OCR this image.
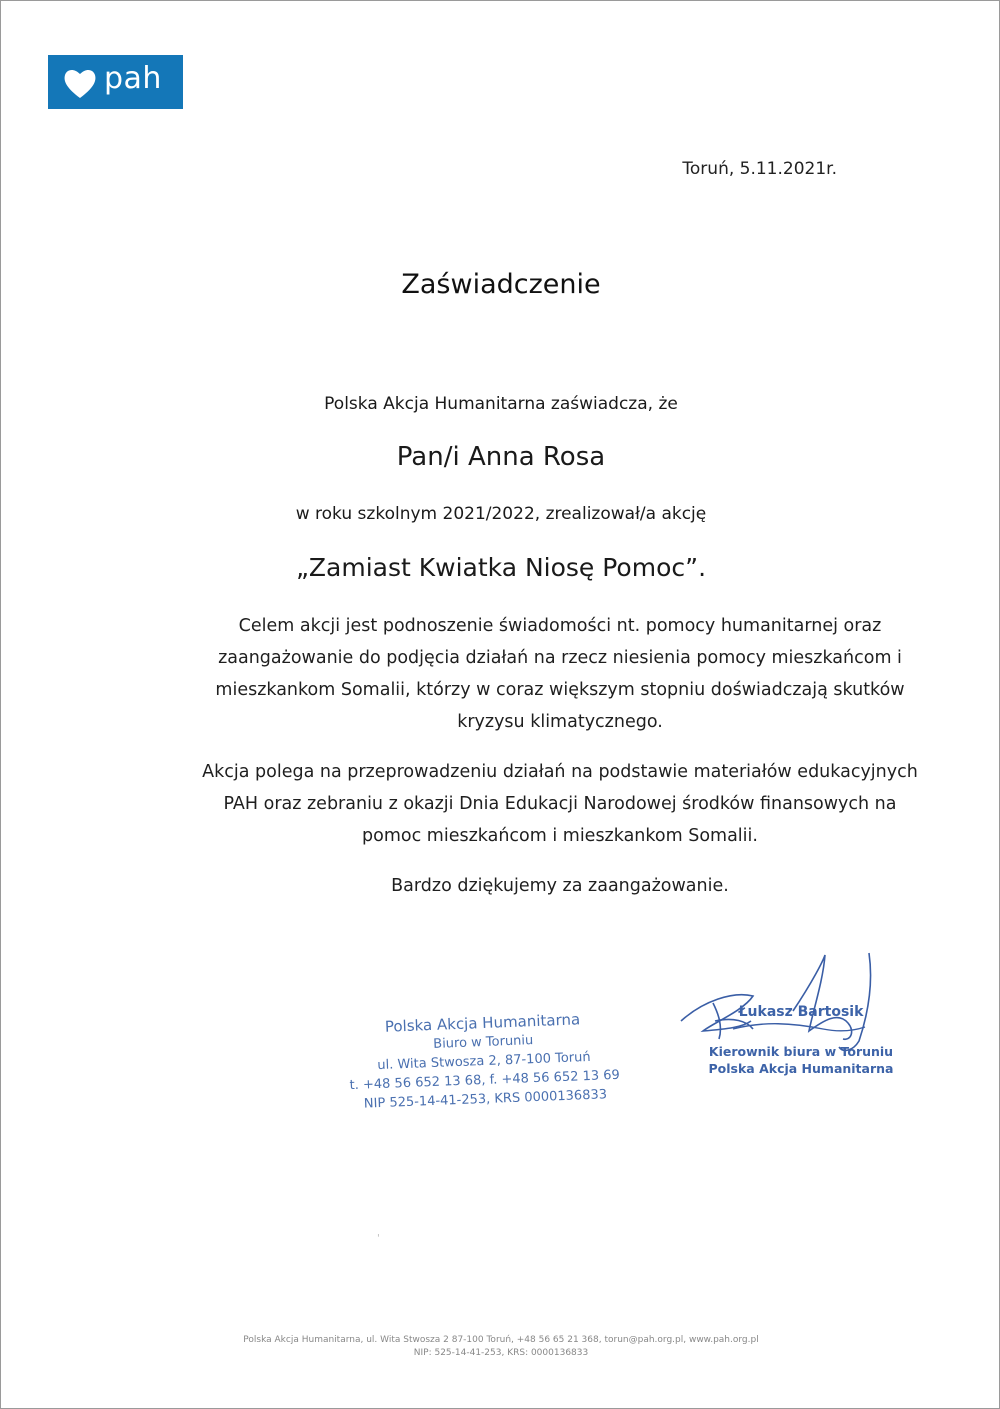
pah
Toruń, 5.11.2021r.
Zaświadczenie
Polska Akcja Humanitarna zaświadcza, że
Pan/i Anna Rosa
w roku szkolnym 2021/2022, zrealizował/a akcję
„Zamiast Kwiatka Niosę Pomoc”.
Celem akcji jest podnoszenie świadomości nt. pomocy humanitarnej oraz zaangażowanie do podjęcia działań na rzecz niesienia pomocy mieszkańcom i mieszkankom Somalii, którzy w coraz większym stopniu doświadczają skutków kryzysu klimatycznego.
Akcja polega na przeprowadzeniu działań na podstawie materiałów edukacyjnych PAH oraz zebraniu z okazji Dnia Edukacji Narodowej środków finansowych na pomoc mieszkańcom i mieszkankom Somalii.
Bardzo dziękujemy za zaangażowanie.
Polska Akcja Humanitarna
Biuro w Toruniu
ul. Wita Stwosza 2, 87-100 Toruń
t. +48 56 652 13 68, f. +48 56 652 13 69
NIP 525-14-41-253, KRS 0000136833
Łukasz Bartosik
Kierownik biura w Toruniu
Polska Akcja Humanitarna
'
Polska Akcja Humanitarna, ul. Wita Stwosza 2 87-100 Toruń, +48 56 65 21 368, torun@pah.org.pl, www.pah.org.pl
NIP: 525-14-41-253, KRS: 0000136833
